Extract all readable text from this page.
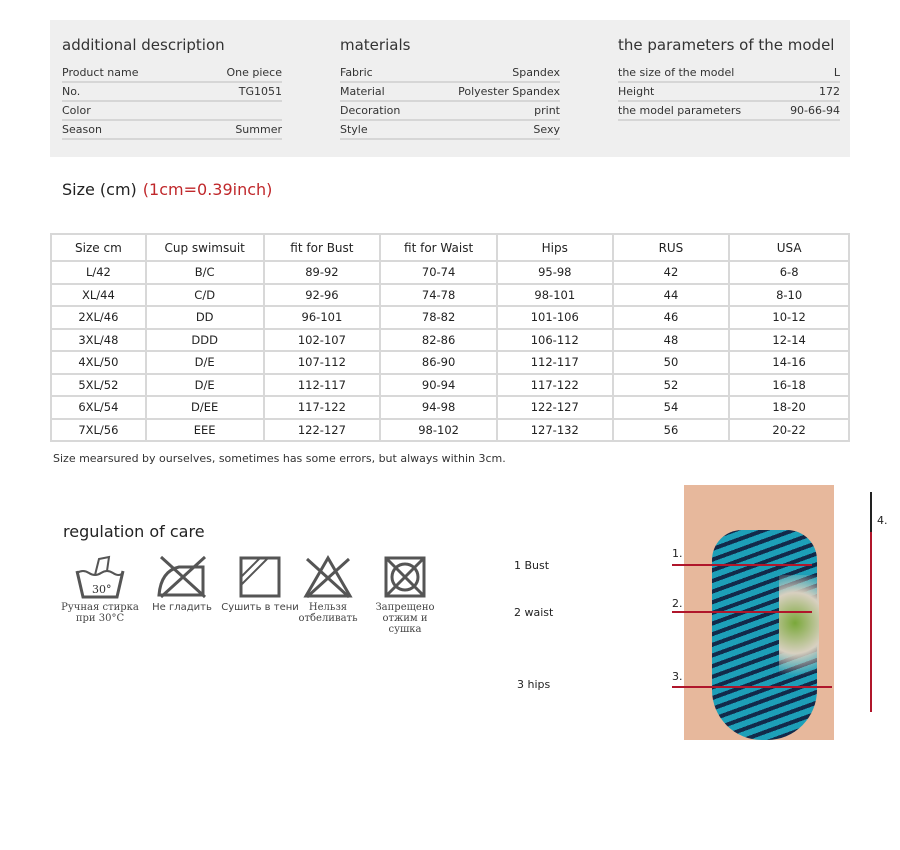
additional description
Product name	One piece
No.	TG1051
Color
Season	Summer
materials
Fabric	Spandex
Material	Polyester Spandex
Decoration	print
Style	Sexy
the parameters of the model
the size of the model	L
Height	172
the model parameters	90-66-94
Size (cm) (1cm=0.39inch)
Size cm	Cup swimsuit	fit for Bust	fit for Waist	Hips	RUS	USA
L/42	B/C	89-92	70-74	95-98	42	6-8
XL/44	C/D	92-96	74-78	98-101	44	8-10
2XL/46	DD	96-101	78-82	101-106	46	10-12
3XL/48	DDD	102-107	82-86	106-112	48	12-14
4XL/50	D/E	107-112	86-90	112-117	50	14-16
5XL/52	D/E	112-117	90-94	117-122	52	16-18
6XL/54	D/EE	117-122	94-98	122-127	54	18-20
7XL/56	EEE	122-127	98-102	127-132	56	20-22
Size mearsured by ourselves, sometimes has some errors, but always within 3cm.
regulation of care
30°
Ручная стирка при 30°C
Не гладить Сушить в тени	Нельзя отбеливать
Запрещено отжим и сушка
1 Bust
2 waist
3 hips
1.
2.
3.
4.
